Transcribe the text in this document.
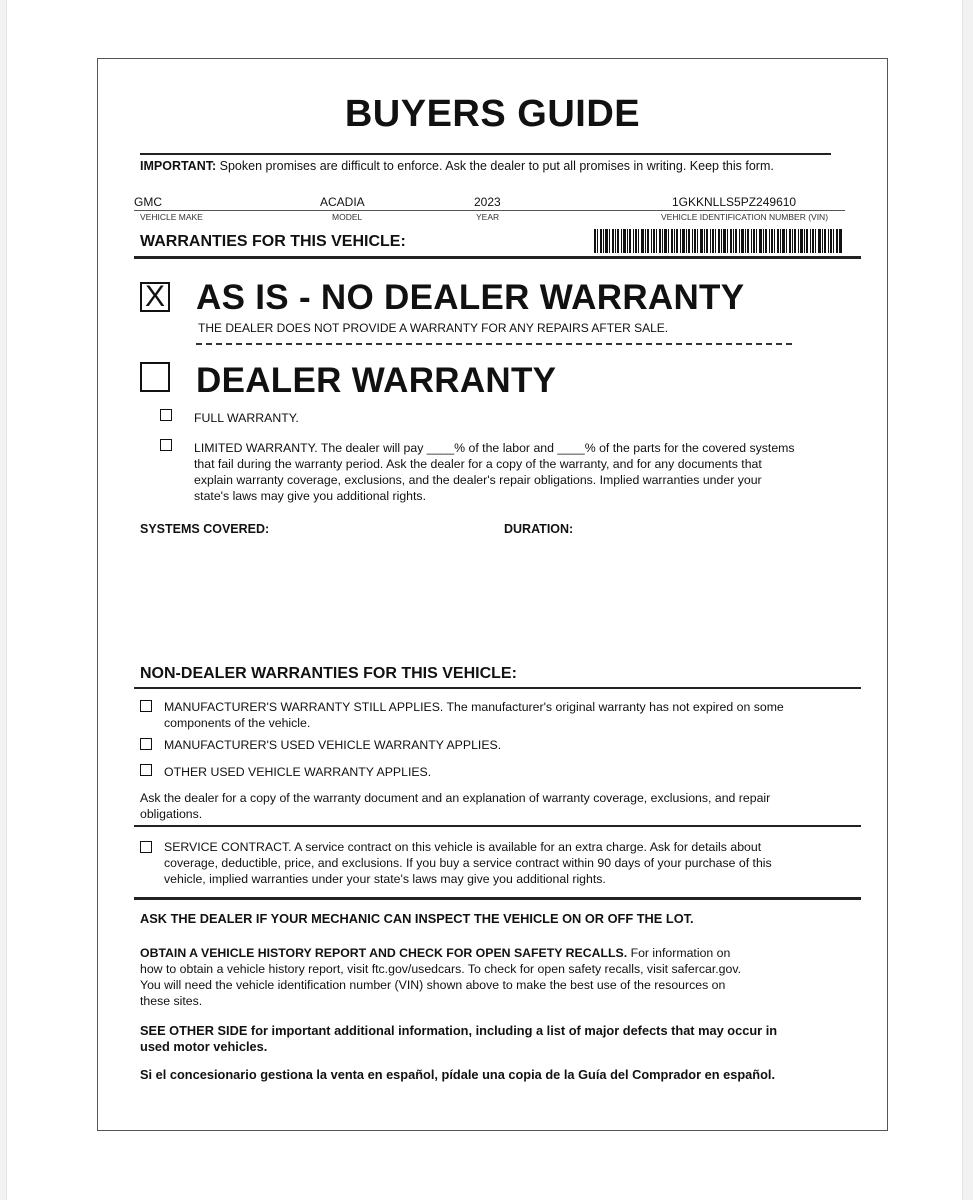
BUYERS GUIDE
IMPORTANT: Spoken promises are difficult to enforce. Ask the dealer to put all promises in writing. Keep this form.
GMC	ACADIA	2023	1GKKNLLS5PZ249610
VEHICLE MAKE	MODEL	YEAR	VEHICLE IDENTIFICATION NUMBER (VIN)
WARRANTIES FOR THIS VEHICLE:
X AS IS - NO DEALER WARRANTY
THE DEALER DOES NOT PROVIDE A WARRANTY FOR ANY REPAIRS AFTER SALE.
DEALER WARRANTY
FULL WARRANTY.
LIMITED WARRANTY. The dealer will pay ____% of the labor and ____% of the parts for the covered systems
that fail during the warranty period. Ask the dealer for a copy of the warranty, and for any documents that
explain warranty coverage, exclusions, and the dealer's repair obligations. Implied warranties under your
state's laws may give you additional rights.
SYSTEMS COVERED:	DURATION:
NON-DEALER WARRANTIES FOR THIS VEHICLE:
MANUFACTURER'S WARRANTY STILL APPLIES. The manufacturer's original warranty has not expired on some
components of the vehicle.
MANUFACTURER'S USED VEHICLE WARRANTY APPLIES.
OTHER USED VEHICLE WARRANTY APPLIES.
Ask the dealer for a copy of the warranty document and an explanation of warranty coverage, exclusions, and repair
obligations.
SERVICE CONTRACT. A service contract on this vehicle is available for an extra charge. Ask for details about
coverage, deductible, price, and exclusions. If you buy a service contract within 90 days of your purchase of this
vehicle, implied warranties under your state's laws may give you additional rights.
ASK THE DEALER IF YOUR MECHANIC CAN INSPECT THE VEHICLE ON OR OFF THE LOT.
OBTAIN A VEHICLE HISTORY REPORT AND CHECK FOR OPEN SAFETY RECALLS. For information on
how to obtain a vehicle history report, visit ftc.gov/usedcars. To check for open safety recalls, visit safercar.gov.
You will need the vehicle identification number (VIN) shown above to make the best use of the resources on
these sites.
SEE OTHER SIDE for important additional information, including a list of major defects that may occur in
used motor vehicles.
Si el concesionario gestiona la venta en español, pídale una copia de la Guía del Comprador en español.
